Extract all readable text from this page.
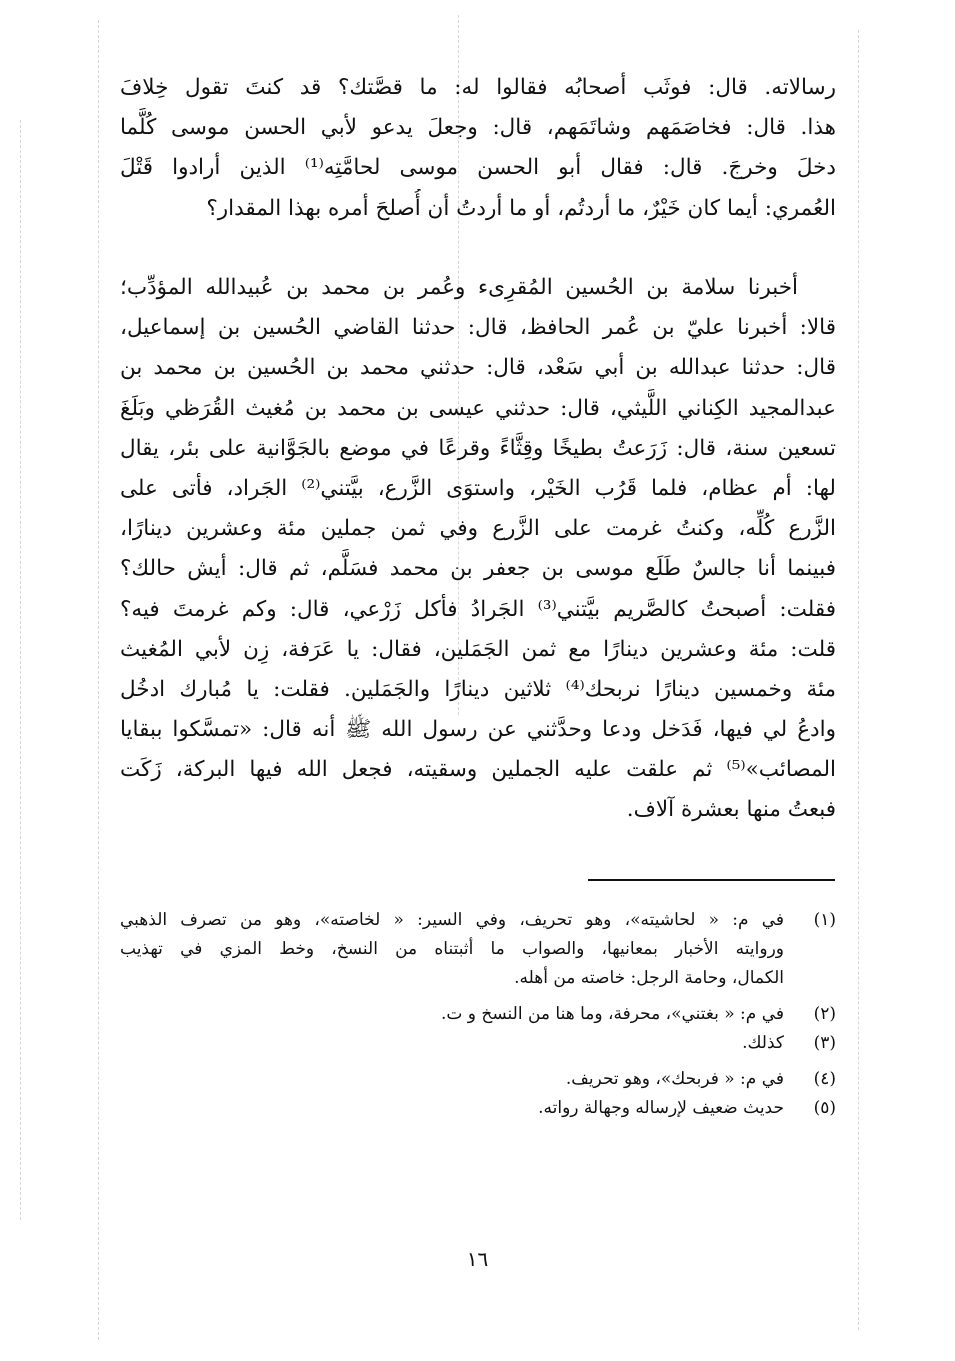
رسالاته. قال: فوثَب أصحابُه فقالوا له: ما قصَّتك؟ قد كنتَ تقول خِلافَ
هذا. قال: فخاصَمَهم وشاتَمَهم، قال: وجعلَ يدعو لأبي الحسن موسى كُلَّما
دخلَ وخرجَ. قال: فقال أبو الحسن موسى لحامَّتِه⁽¹⁾ الذين أرادوا قَتْلَ
العُمري: أيما كان خَيْرٌ، ما أردتُم، أو ما أردتُ أن أُصلحَ أمره بهذا المقدار؟
أخبرنا سلامة بن الحُسين المُقرِىء وعُمر بن محمد بن عُبيدالله المؤدِّب؛
قالا: أخبرنا عليّ بن عُمر الحافظ، قال: حدثنا القاضي الحُسين بن إسماعيل،
قال: حدثنا عبدالله بن أبي سَعْد، قال: حدثني محمد بن الحُسين بن محمد بن
عبدالمجيد الكِناني اللَّيثي، قال: حدثني عيسى بن محمد بن مُغيث القُرَظي وبَلَغَ
تسعين سنة، قال: زَرَعتُ بطيخًا وقِثَّاءً وقرعًا في موضع بالجَوَّانية على بئر، يقال
لها: أم عظام، فلما قَرُب الخَيْر، واستوَى الزَّرع، بيَّتني⁽²⁾ الجَراد، فأتى على
الزَّرع كُلِّه، وكنتُ غرمت على الزَّرع وفي ثمن جملين مئة وعشرين دينارًا،
فبينما أنا جالسٌ طَلَع موسى بن جعفر بن محمد فسَلَّم، ثم قال: أيش حالك؟
فقلت: أصبحتُ كالصَّريم بيَّتني⁽³⁾ الجَرادُ فأكل زَرْعي، قال: وكم غرمتَ فيه؟
قلت: مئة وعشرين دينارًا مع ثمن الجَمَلين، فقال: يا عَرَفة، زِن لأبي المُغيث
مئة وخمسين دينارًا نربحك⁽⁴⁾ ثلاثين دينارًا والجَمَلين. فقلت: يا مُبارك ادخُل
وادعُ لي فيها، فَدَخل ودعا وحدَّثني عن رسول الله ﷺ أنه قال: «تمسَّكوا ببقايا
المصائب»⁽⁵⁾ ثم علقت عليه الجملين وسقيته، فجعل الله فيها البركة، زَكَت
فبعتُ منها بعشرة آلاف.
(١)
في م: « لحاشيته»، وهو تحريف، وفي السير: « لخاصته»، وهو من تصرف الذهبي
وروايته الأخبار بمعانيها، والصواب ما أثبتناه من النسخ، وخط المزي في تهذيب
الكمال، وحامة الرجل: خاصته من أهله.
(٢)
في م: « بغتني»، محرفة، وما هنا من النسخ و ت.
(٣)
كذلك.
(٤)
في م: « فربحك»، وهو تحريف.
(٥)
حديث ضعيف لإرساله وجهالة رواته.
١٦
